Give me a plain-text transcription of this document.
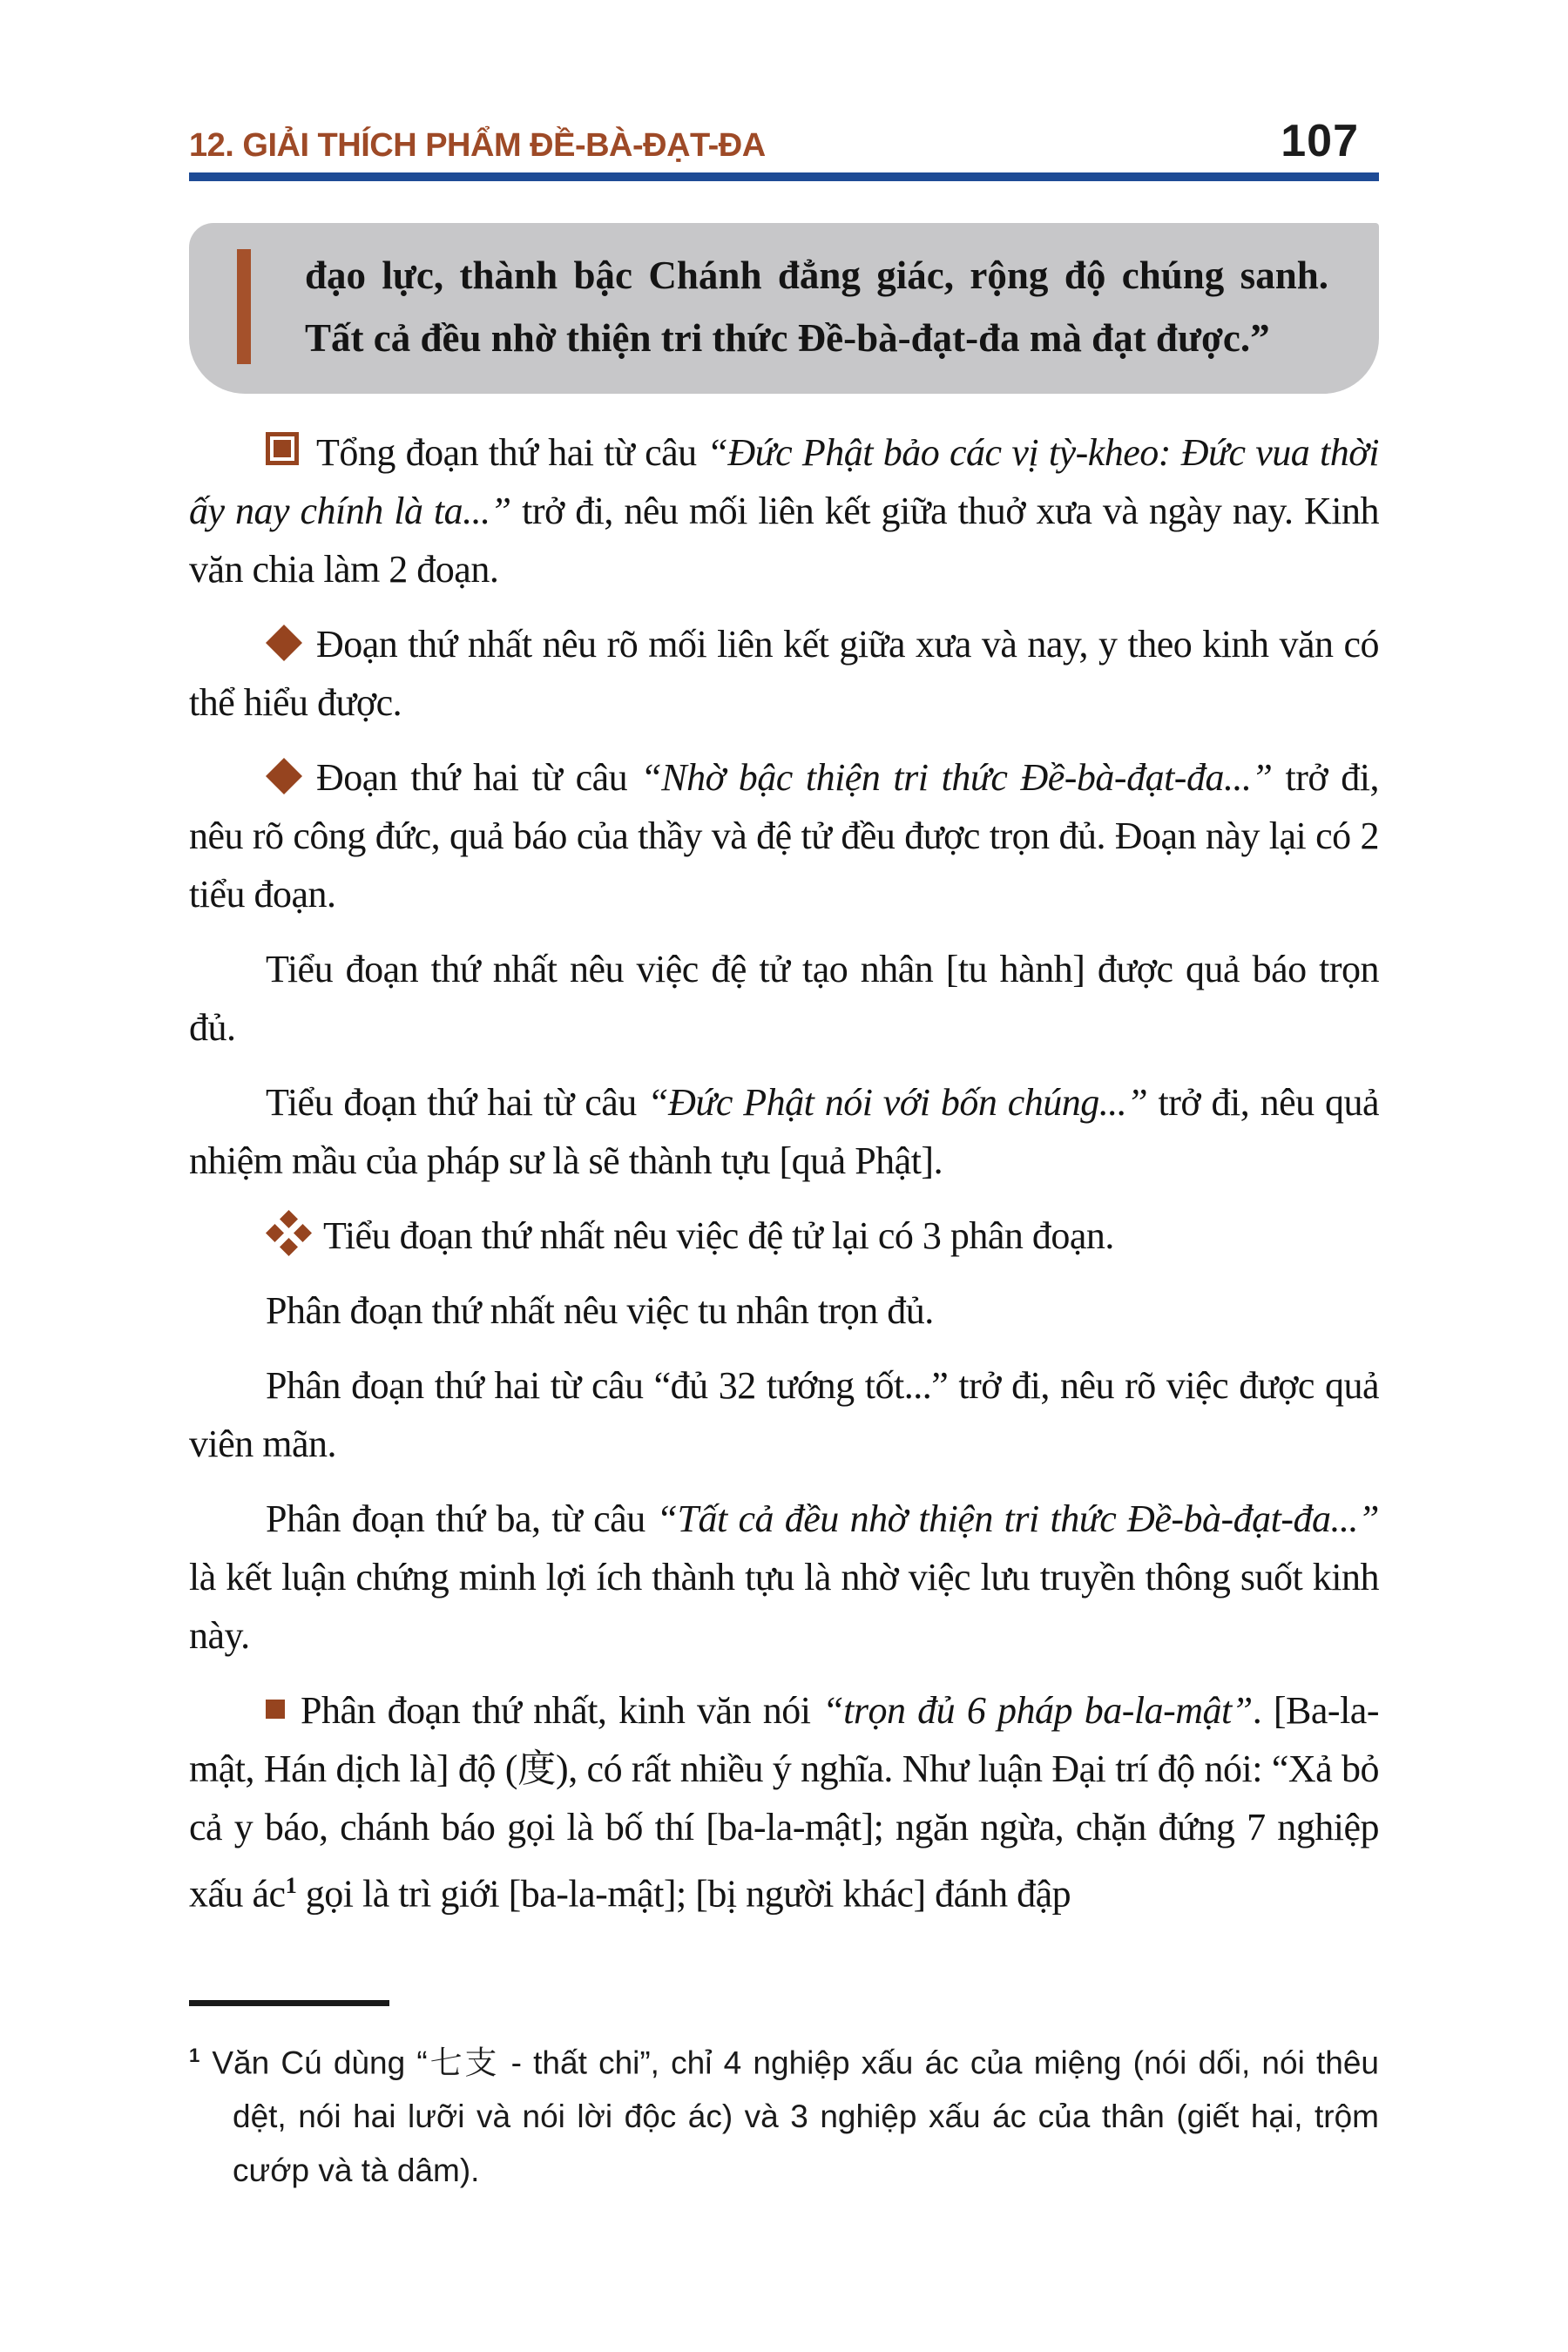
12. GIẢI THÍCH PHẨM ĐỀ-BÀ-ĐẠT-ĐA	107
đạo lực, thành bậc Chánh đẳng giác, rộng độ chúng sanh. Tất cả đều nhờ thiện tri thức Đề-bà-đạt-đa mà đạt được.”

Tổng đoạn thứ hai từ câu “Đức Phật bảo các vị tỳ-kheo: Đức vua thời ấy nay chính là ta...” trở đi, nêu mối liên kết giữa thuở xưa và ngày nay. Kinh văn chia làm 2 đoạn.

Đoạn thứ nhất nêu rõ mối liên kết giữa xưa và nay, y theo kinh văn có thể hiểu được.

Đoạn thứ hai từ câu “Nhờ bậc thiện tri thức Đề-bà-đạt-đa...” trở đi, nêu rõ công đức, quả báo của thầy và đệ tử đều được trọn đủ. Đoạn này lại có 2 tiểu đoạn.

Tiểu đoạn thứ nhất nêu việc đệ tử tạo nhân [tu hành] được quả báo trọn đủ.

Tiểu đoạn thứ hai từ câu “Đức Phật nói với bốn chúng...” trở đi, nêu quả nhiệm mầu của pháp sư là sẽ thành tựu [quả Phật].

Tiểu đoạn thứ nhất nêu việc đệ tử lại có 3 phân đoạn.

Phân đoạn thứ nhất nêu việc tu nhân trọn đủ.

Phân đoạn thứ hai từ câu “đủ 32 tướng tốt...” trở đi, nêu rõ việc được quả viên mãn.

Phân đoạn thứ ba, từ câu “Tất cả đều nhờ thiện tri thức Đề-bà-đạt-đa...” là kết luận chứng minh lợi ích thành tựu là nhờ việc lưu truyền thông suốt kinh này.

Phân đoạn thứ nhất, kinh văn nói “trọn đủ 6 pháp ba-la-mật”. [Ba-la-mật, Hán dịch là] độ (度), có rất nhiều ý nghĩa. Như luận Đại trí độ nói: “Xả bỏ cả y báo, chánh báo gọi là bố thí [ba-la-mật]; ngăn ngừa, chặn đứng 7 nghiệp xấu ác$^1$ gọi là trì giới [ba-la-mật]; [bị người khác] đánh đập

$^1$ Văn Cú dùng “七支 - thất chi”, chỉ 4 nghiệp xấu ác của miệng (nói dối, nói thêu dệt, nói hai lưỡi và nói lời độc ác) và 3 nghiệp xấu ác của thân (giết hại, trộm cướp và tà dâm).
